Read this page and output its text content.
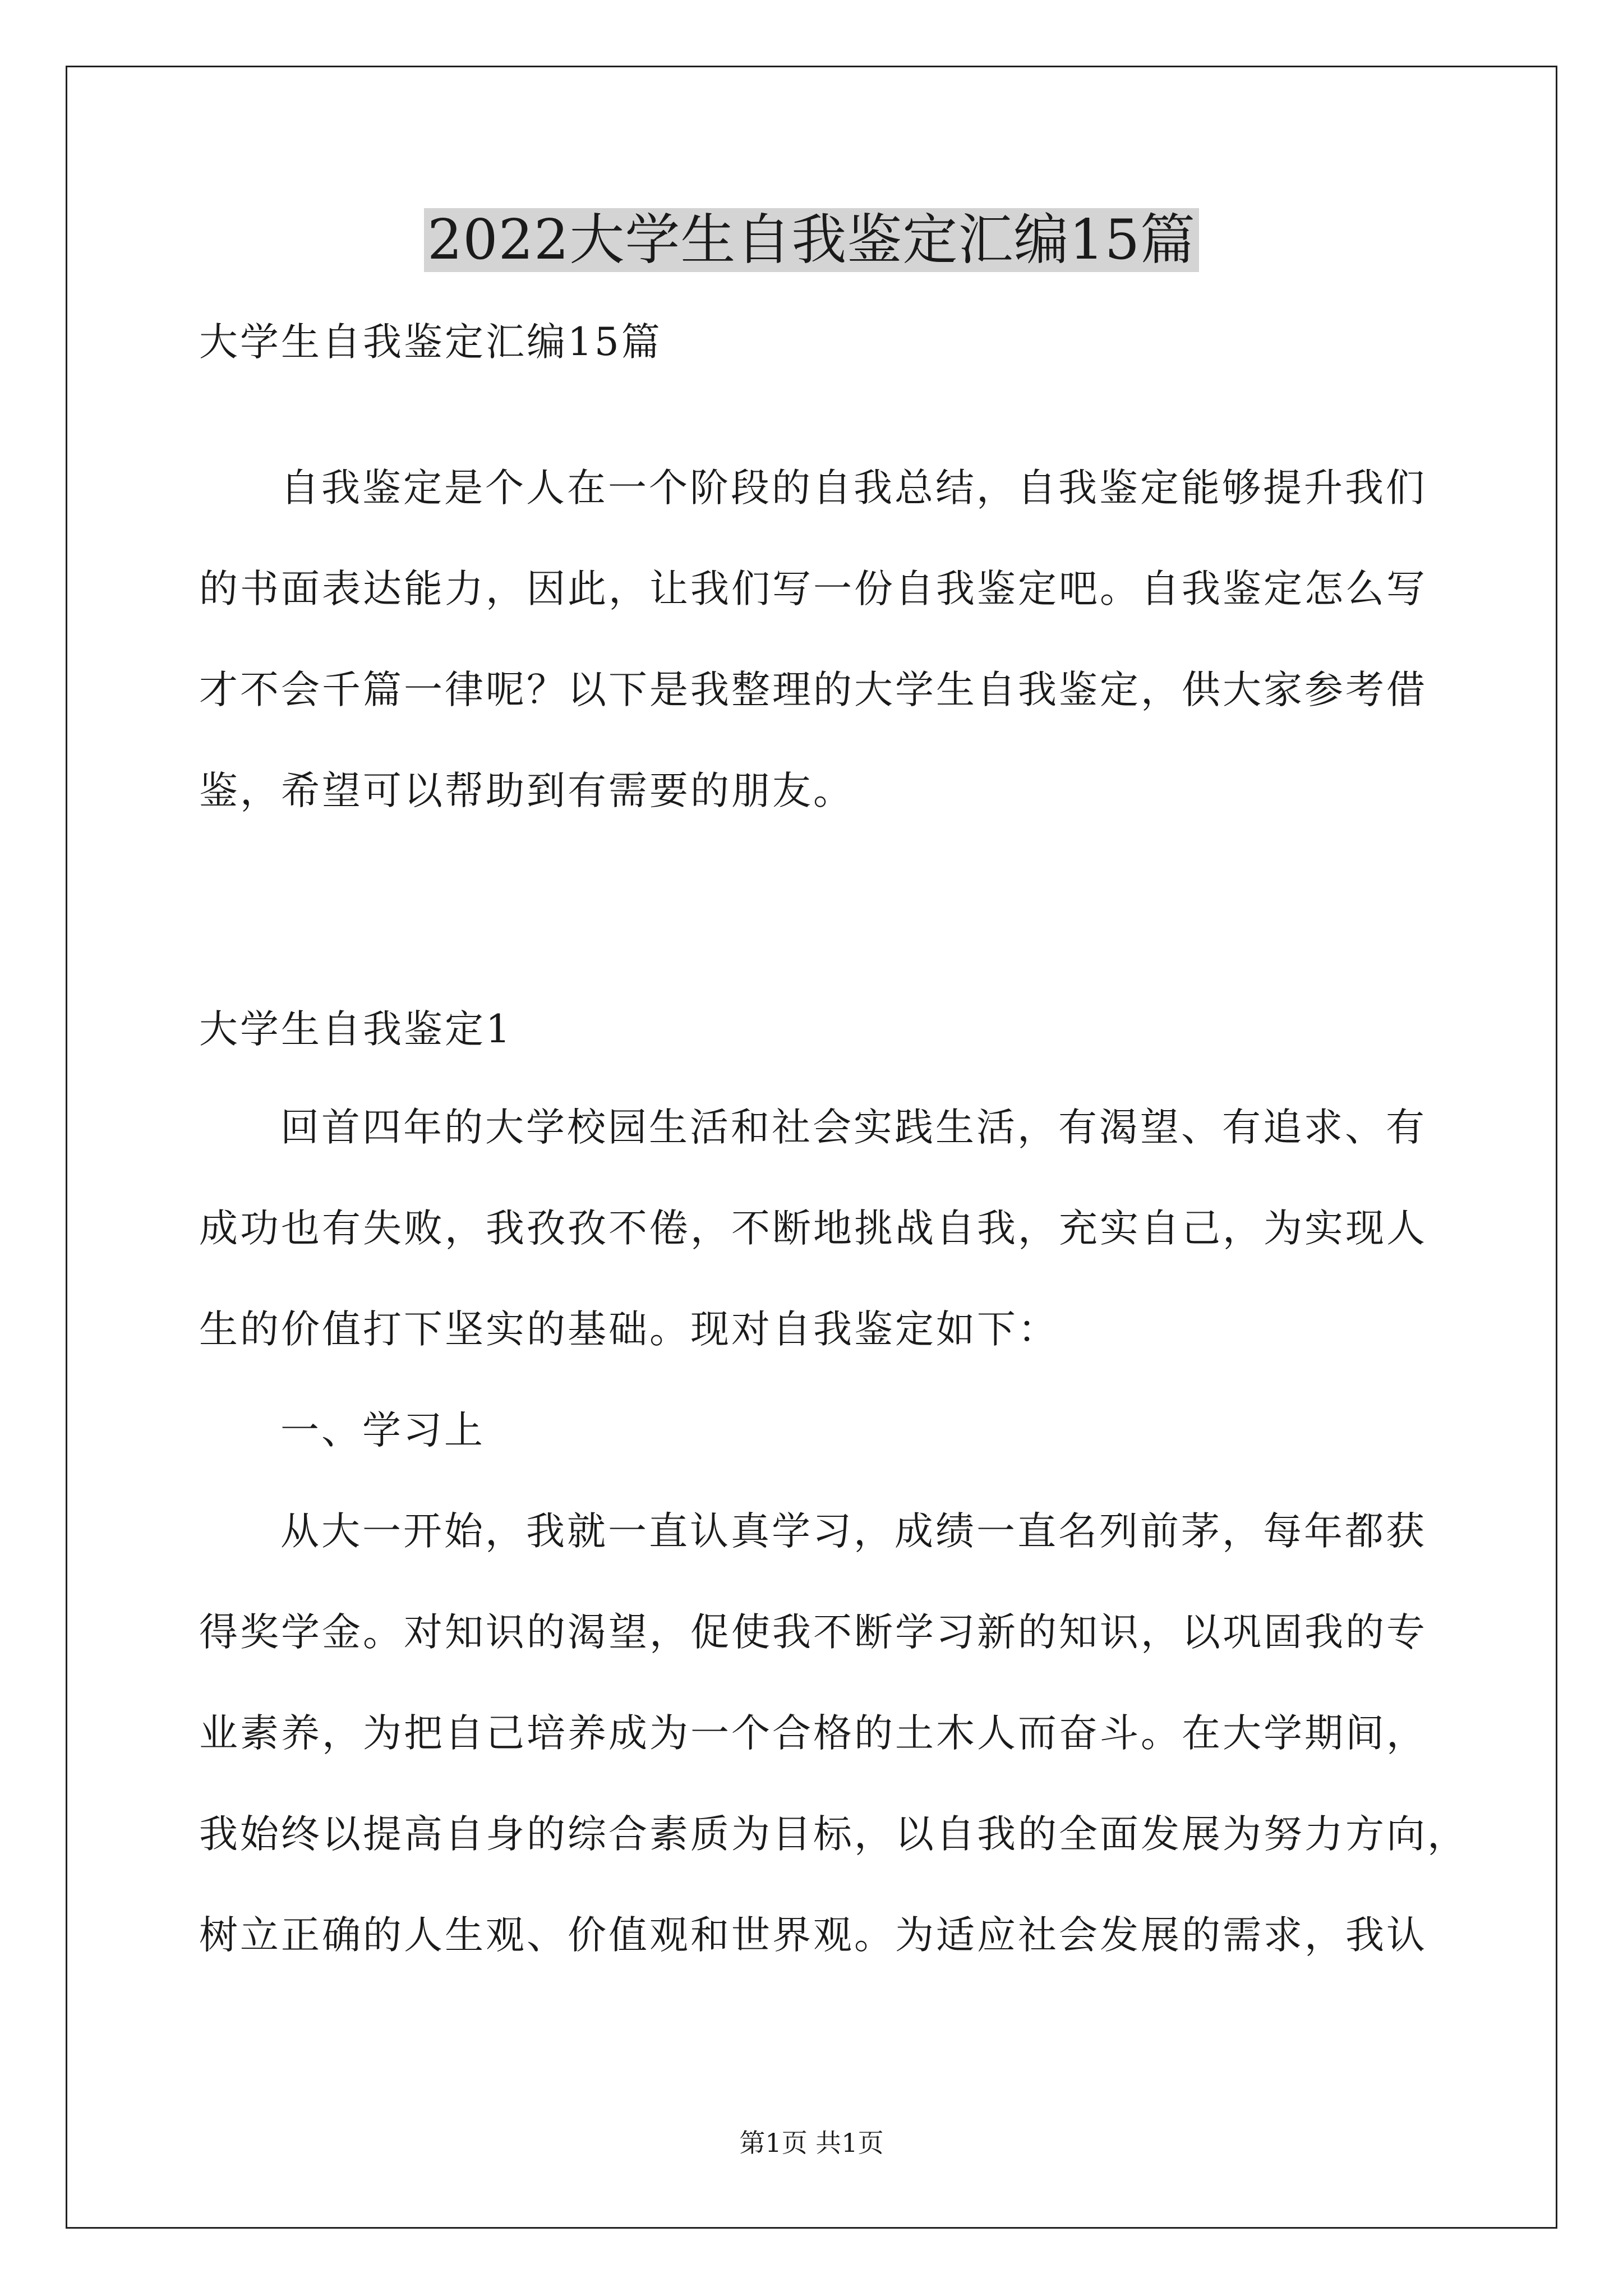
2022大学生自我鉴定汇编15篇
大学生自我鉴定汇编15篇
自我鉴定是个人在一个阶段的自我总结，自我鉴定能够提升我们
的书面表达能力，因此，让我们写一份自我鉴定吧。自我鉴定怎么写
才不会千篇一律呢？以下是我整理的大学生自我鉴定，供大家参考借
鉴，希望可以帮助到有需要的朋友。
大学生自我鉴定1
回首四年的大学校园生活和社会实践生活，有渴望、有追求、有
成功也有失败，我孜孜不倦，不断地挑战自我，充实自己，为实现人
生的价值打下坚实的基础。现对自我鉴定如下：
一、学习上
从大一开始，我就一直认真学习，成绩一直名列前茅，每年都获
得奖学金。对知识的渴望，促使我不断学习新的知识，以巩固我的专
业素养，为把自己培养成为一个合格的土木人而奋斗。在大学期间，
我始终以提高自身的综合素质为目标，以自我的全面发展为努力方向，
树立正确的人生观、价值观和世界观。为适应社会发展的需求，我认
第1页 共1页
